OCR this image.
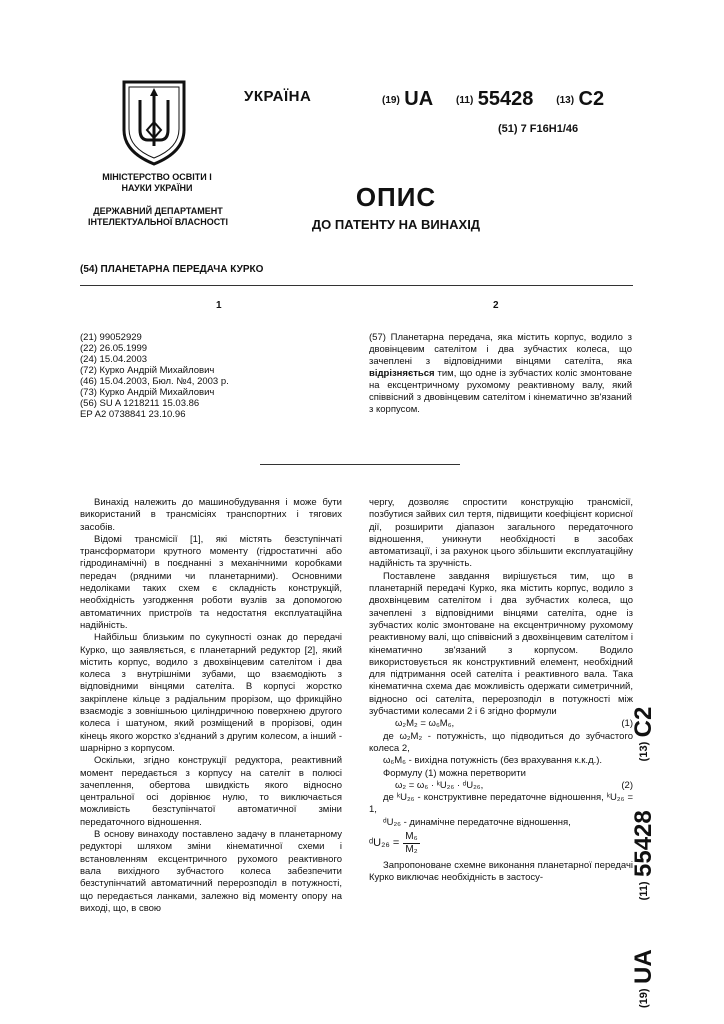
МІНІСТЕРСТВО ОСВІТИ І НАУКИ УКРАЇНИ
ДЕРЖАВНИЙ ДЕПАРТАМЕНТ ІНТЕЛЕКТУАЛЬНОЇ ВЛАСНОСТІ
УКРАЇНА	(19) UA (11) 55428 (13) C2
(51) 7 F16H1/46
ОПИС
ДО ПАТЕНТУ НА ВИНАХІД
(54) ПЛАНЕТАРНА ПЕРЕДАЧА КУРКО
1	2
(21) 99052929
(22) 26.05.1999
(24) 15.04.2003
(72) Курко Андрій Михайлович
(46) 15.04.2003, Бюл. №4, 2003 р.
(73) Курко Андрій Михайлович
(56) SU A 1218211 15.03.86
EP A2 0738841 23.10.96
(57) Планетарна передача, яка містить корпус, водило з двовінцевим сателітом і два зубчастих колеса, що зачеплені з відповідними вінцями сателіта, яка відрізняється тим, що одне із зубчастих коліс змонтоване на ексцентричному рухомому реактивному валу, який співвісний з двовінцевим сателітом і кінематично зв'язаний з корпусом.

Винахід належить до машинобудування і може бути використаний в трансмісіях транспортних і тягових засобів.

Відомі трансмісії [1], які містять безступінчаті трансформатори крутного моменту (гідростатичні або гідродинамічні) в поєднанні з механічними коробками передач (рядними чи планетарними). Основними недоліками таких схем є складність конструкцій, необхідність узгодження роботи вузлів за допомогою автоматичних пристроїв та недостатня експлуатаційна надійність.

Найбільш близьким по сукупності ознак до передачі Курко, що заявляється, є планетарний редуктор [2], який містить корпус, водило з двохвінцевим сателітом і два колеса з внутрішніми зубами, що взаємодіють з відповідними вінцями сателіта. В корпусі жорстко закріплене кільце з радіальним прорізом, що фрикційно взаємодіє з зовнішньою циліндричною поверхнею другого колеса і шатуном, який розміщений в прорізові, один кінець якого жорстко з'єднаний з другим колесом, а інший - шарнірно з корпусом.

Оскільки, згідно конструкції редуктора, реактивний момент передається з корпусу на сателіт в полюсі зачеплення, обертова швидкість якого відносно центральної осі дорівнює нулю, то виключається можливість безступінчатої автоматичної зміни передаточного відношення.

В основу винаходу поставлено задачу в планетарному редукторі шляхом зміни кінематичної схеми і встановленням ексцентричного рухомого реактивного вала вихідного зубчастого колеса забезпечити безступінчатий автоматичний перерозподіл в потужності, що передається ланками, залежно від моменту опору на виході, що, в свою

чергу, дозволяє спростити конструкцію трансмісії, позбутися зайвих сил тертя, підвищити коефіцієнт корисної дії, розширити діапазон загального передаточного відношення, уникнути необхідності в засобах автоматизації, і за рахунок цього збільшити експлуатаційну надійність та зручність.

Поставлене завдання вирішується тим, що в планетарній передачі Курко, яка містить корпус, водило з двохвінцевим сателітом і два зубчастих колеса, що зачеплені з відповідними вінцями сателіта, одне із зубчастих коліс змонтоване на ексцентричному рухомому реактивному валі, що співвісний з двохвінцевим сателітом і кінематично зв'язаний з корпусом. Водило використовується як конструктивний елемент, необхідний для підтримання осей сателіта і реактивного вала. Така кінематична схема дає можливість одержати симетричний, відносно осі сателіта, перерозподіл в потужності між зубчастими колесами 2 і 6 згідно формули

ω₂M₂ = ω₆M₆,	(1)

де ω₂M₂ - потужність, що підводиться до зубчастого колеса 2,

ω₆M₆ - вихідна потужність (без врахування к.к.д.).

Формулу (1) можна перетворити

ω₂ = ω₆ · ᵏU₂₆ · ᵈU₂₆,	(2)

де ᵏU₂₆ - конструктивне передаточне відношення, ᵏU₂₆ = 1,

ᵈU₂₆ - динамічне передаточне відношення,

ᵈU₂₆ = $\frac{\text{M₆}}{\text{M₂}}$

Запропоноване схемне виконання планетарної передачі Курко виключає необхідність в застосу-

$^{(19)}$ UA  $^{(11)}$ 55428  $^{(13)}$ C2
